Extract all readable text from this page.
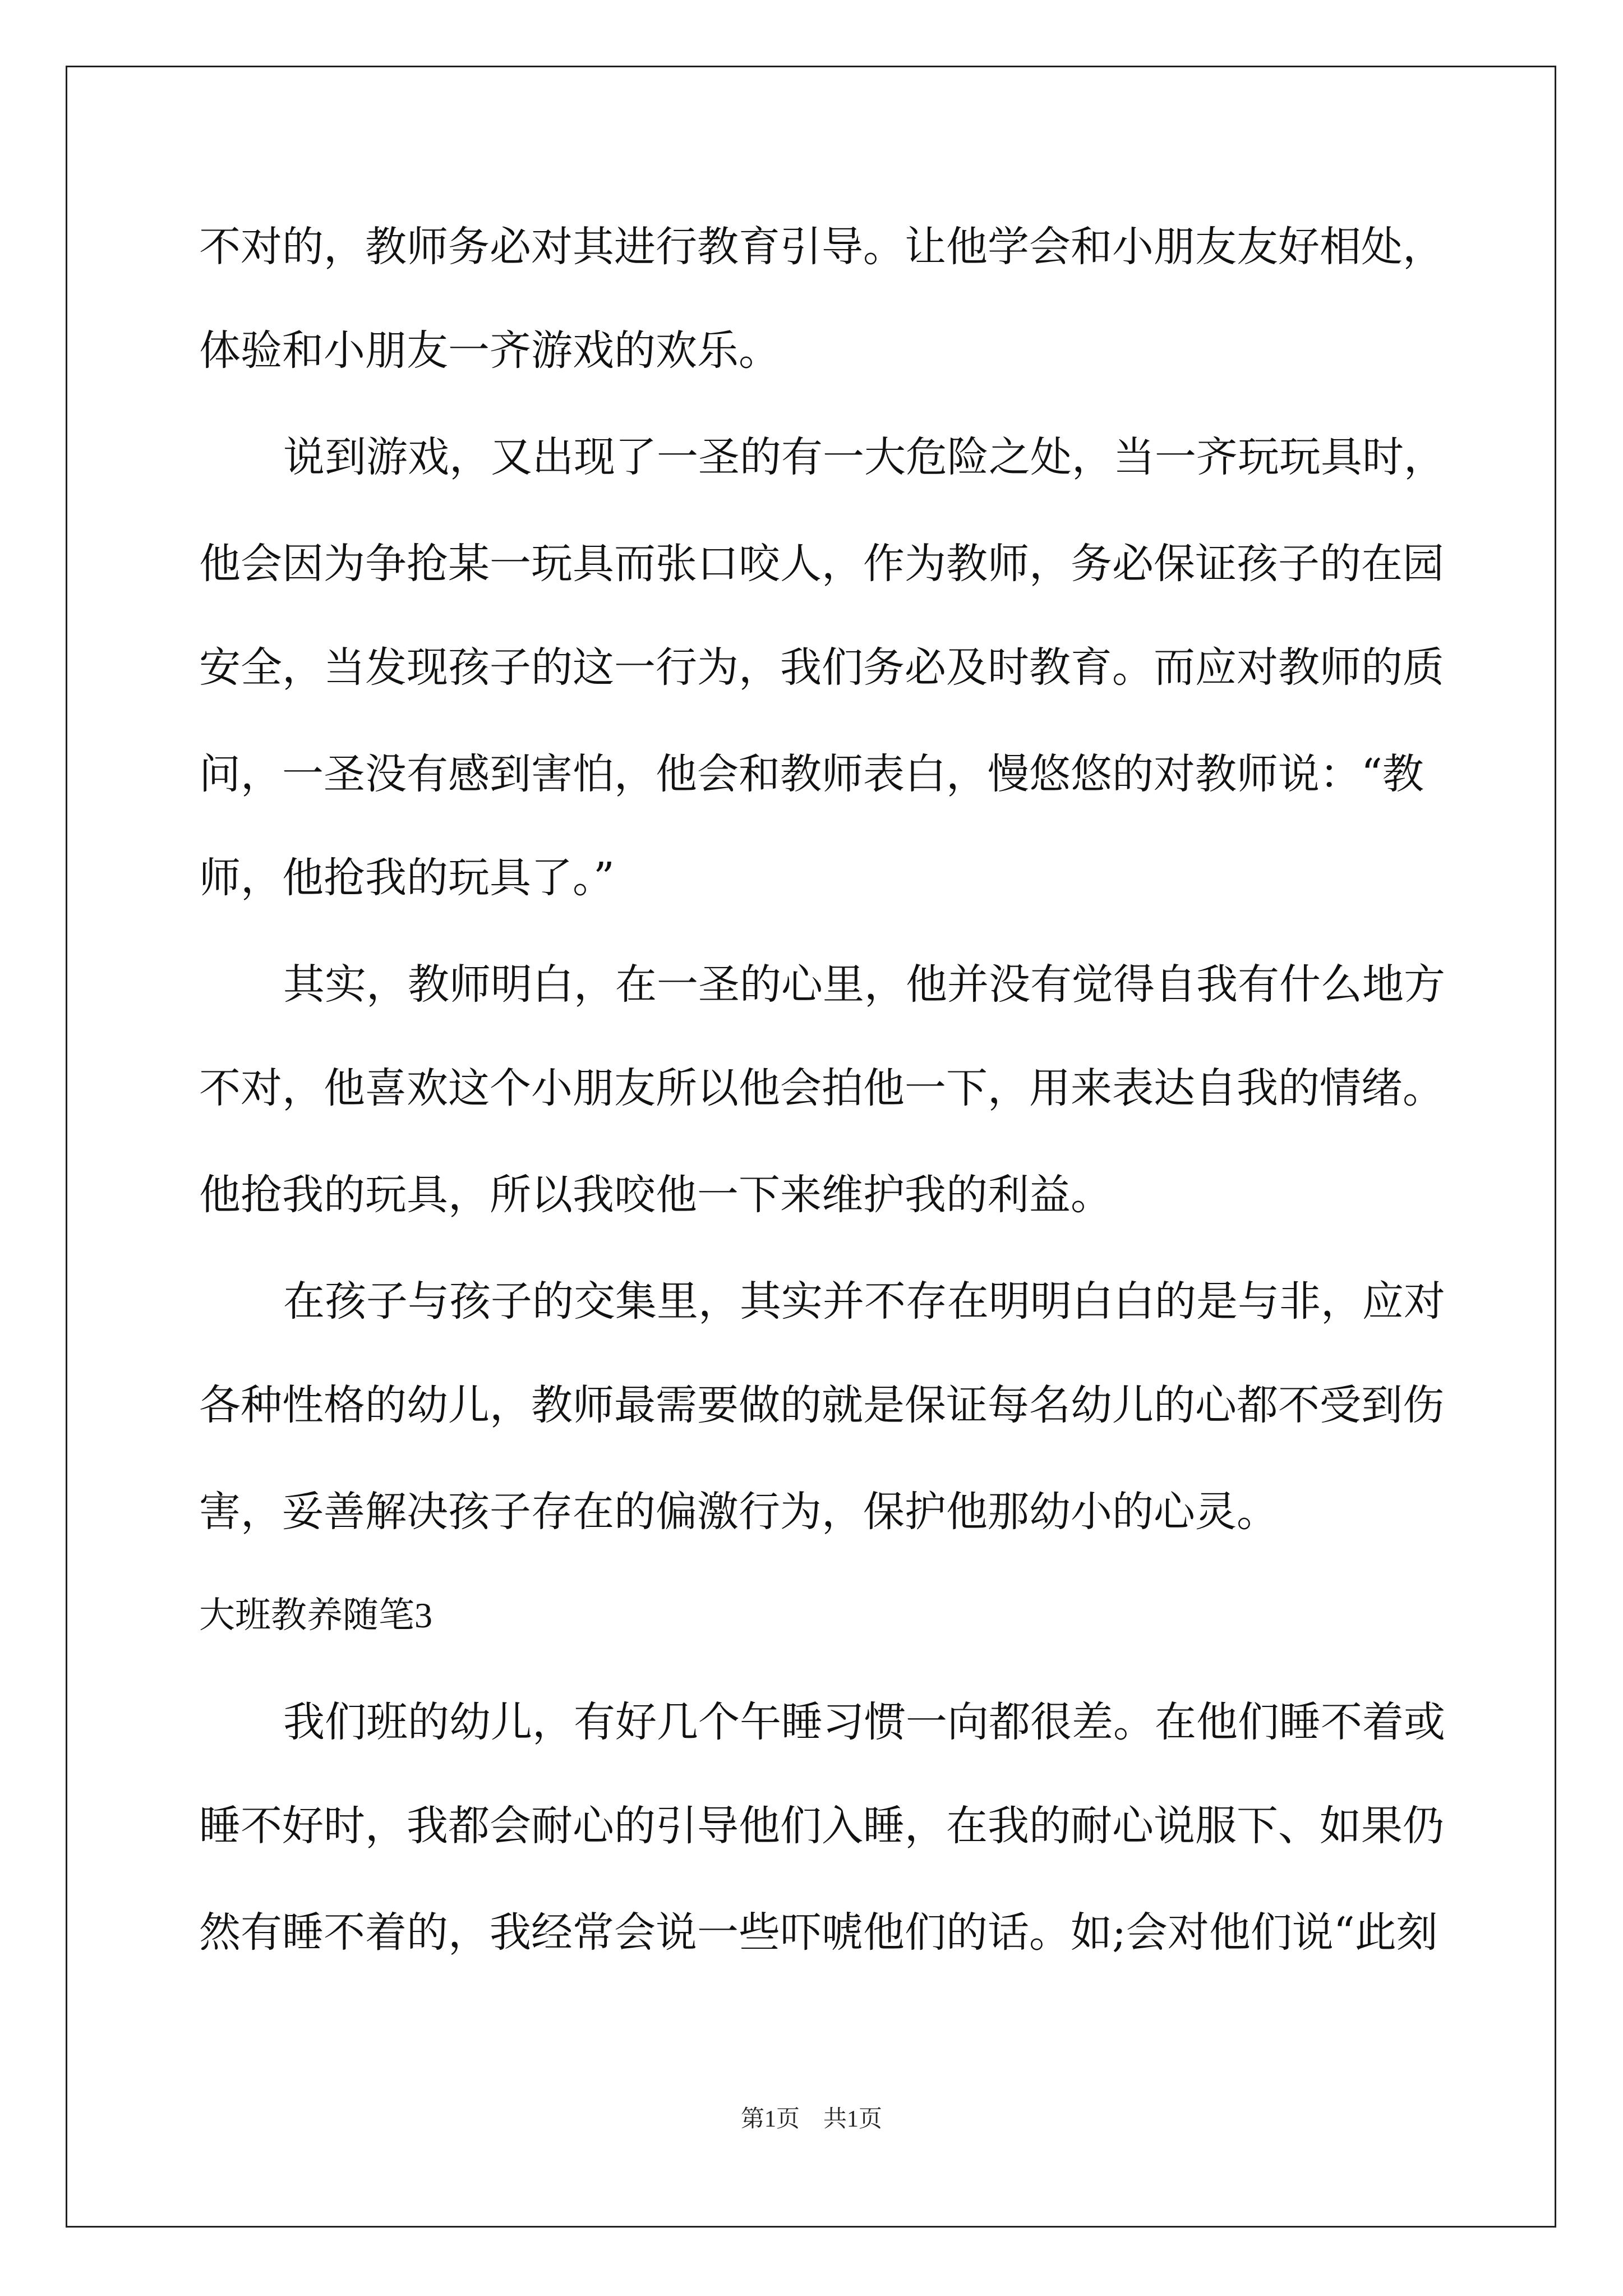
不对的，教师务必对其进行教育引导。让他学会和小朋友友好相处，
体验和小朋友一齐游戏的欢乐。
说到游戏，又出现了一圣的有一大危险之处，当一齐玩玩具时，
他会因为争抢某一玩具而张口咬人，作为教师，务必保证孩子的在园
安全，当发现孩子的这一行为，我们务必及时教育。而应对教师的质
问，一圣没有感到害怕，他会和教师表白，慢悠悠的对教师说：“教
师，他抢我的玩具了。”
其实，教师明白，在一圣的心里，他并没有觉得自我有什么地方
不对，他喜欢这个小朋友所以他会拍他一下，用来表达自我的情绪。
他抢我的玩具，所以我咬他一下来维护我的利益。
在孩子与孩子的交集里，其实并不存在明明白白的是与非，应对
各种性格的幼儿，教师最需要做的就是保证每名幼儿的心都不受到伤
害，妥善解决孩子存在的偏激行为，保护他那幼小的心灵。
大班教养随笔3
我们班的幼儿，有好几个午睡习惯一向都很差。在他们睡不着或
睡不好时，我都会耐心的引导他们入睡，在我的耐心说服下、如果仍
然有睡不着的，我经常会说一些吓唬他们的话。如;会对他们说“此刻
第1页　共1页
